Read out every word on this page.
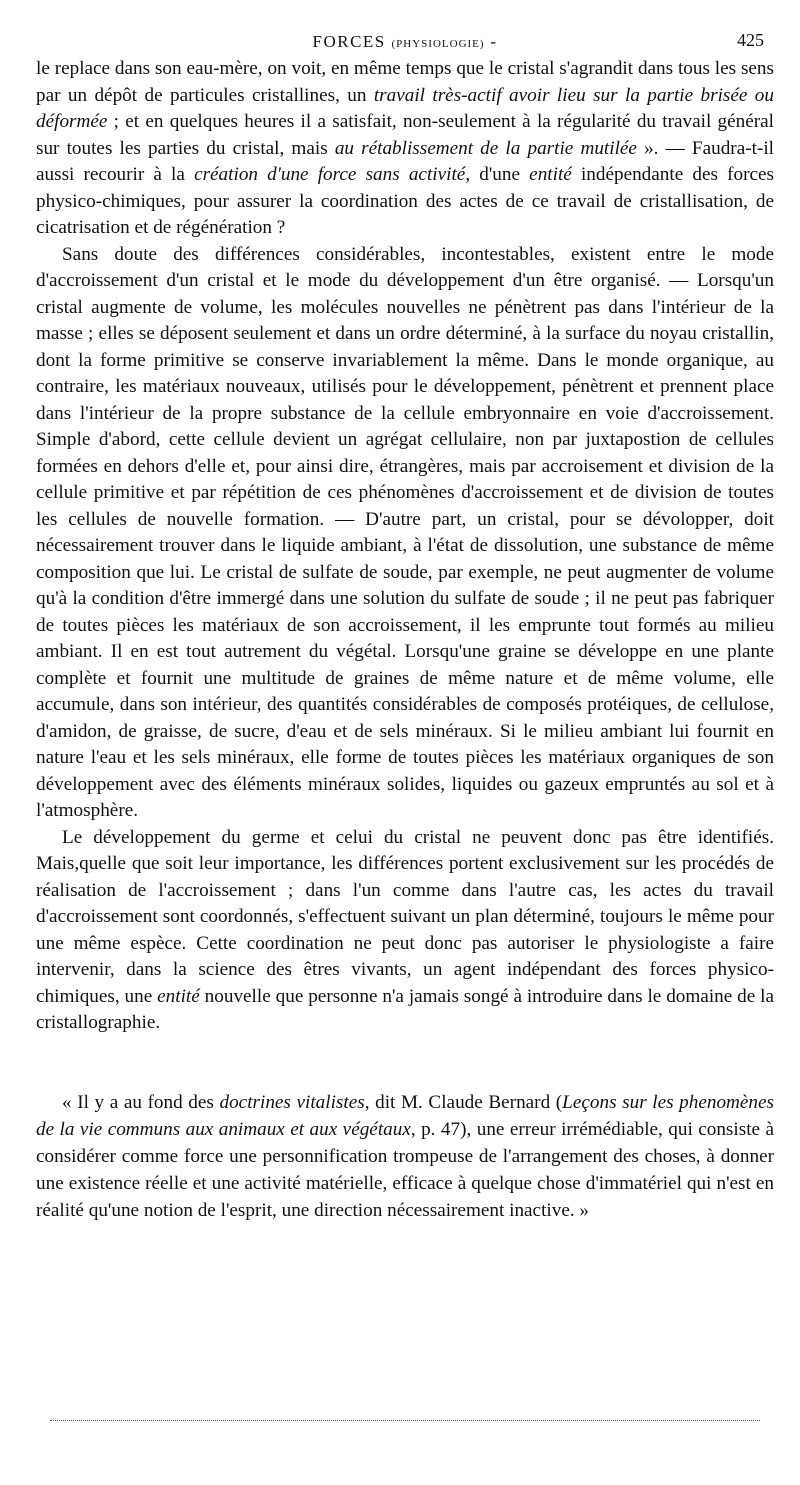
FORCES (PHYSIOLOGIE) -	425

le replace dans son eau-mère, on voit, en même temps que le cristal s'agrandit dans tous les sens par un dépôt de particules cristallines, un travail très-actif avoir lieu sur la partie brisée ou déformée ; et en quelques heures il a satisfait, non-seulement à la régularité du travail général sur toutes les parties du cristal, mais au rétablissement de la partie mutilée ». — Faudra-t-il aussi recourir à la création d'une force sans activité, d'une entité indépendante des forces physico-chimiques, pour assurer la coordination des actes de ce travail de cristallisation, de cicatrisation et de régénération ?

Sans doute des différences considérables, incontestables, existent entre le mode d'accroissement d'un cristal et le mode du développement d'un être organisé. — Lorsqu'un cristal augmente de volume, les molécules nouvelles ne pénètrent pas dans l'intérieur de la masse ; elles se déposent seulement et dans un ordre déterminé, à la surface du noyau cristallin, dont la forme primitive se conserve invariablement la même. Dans le monde organique, au contraire, les matériaux nouveaux, utilisés pour le développement, pénètrent et prennent place dans l'intérieur de la propre substance de la cellule embryonnaire en voie d'accroissement. Simple d'abord, cette cellule devient un agrégat cellulaire, non par juxtapostion de cellules formées en dehors d'elle et, pour ainsi dire, étrangères, mais par accroisement et division de la cellule primitive et par répétition de ces phénomènes d'accroissement et de division de toutes les cellules de nouvelle formation. — D'autre part, un cristal, pour se dévolopper, doit nécessairement trouver dans le liquide ambiant, à l'état de dissolution, une substance de même composition que lui. Le cristal de sulfate de soude, par exemple, ne peut augmenter de volume qu'à la condition d'être immergé dans une solution du sulfate de soude ; il ne peut pas fabriquer de toutes pièces les matériaux de son accroissement, il les emprunte tout formés au milieu ambiant. Il en est tout autrement du végétal. Lorsqu'une graine se développe en une plante complète et fournit une multitude de graines de même nature et de même volume, elle accumule, dans son intérieur, des quantités considérables de composés protéiques, de cellulose, d'amidon, de graisse, de sucre, d'eau et de sels minéraux. Si le milieu ambiant lui fournit en nature l'eau et les sels minéraux, elle forme de toutes pièces les matériaux organiques de son développement avec des éléments minéraux solides, liquides ou gazeux empruntés au sol et à l'atmosphère.

Le développement du germe et celui du cristal ne peuvent donc pas être identifiés. Mais,quelle que soit leur importance, les différences portent exclusivement sur les procédés de réalisation de l'accroissement ; dans l'un comme dans l'autre cas, les actes du travail d'accroissement sont coordonnés, s'effectuent suivant un plan déterminé, toujours le même pour une même espèce. Cette coordination ne peut donc pas autoriser le physiologiste a faire intervenir, dans la science des êtres vivants, un agent indépendant des forces physico-chimiques, une entité nouvelle que personne n'a jamais songé à introduire dans le domaine de la cristallographie.

« Il y a au fond des doctrines vitalistes, dit M. Claude Bernard (Leçons sur les phenomènes de la vie communs aux animaux et aux végétaux, p. 47), une erreur irrémédiable, qui consiste à considérer comme force une personnification trompeuse de l'arrangement des choses, à donner une existence réelle et une activité matérielle, efficace à quelque chose d'immatériel qui n'est en réalité qu'une notion de l'esprit, une direction nécessairement inactive. »
